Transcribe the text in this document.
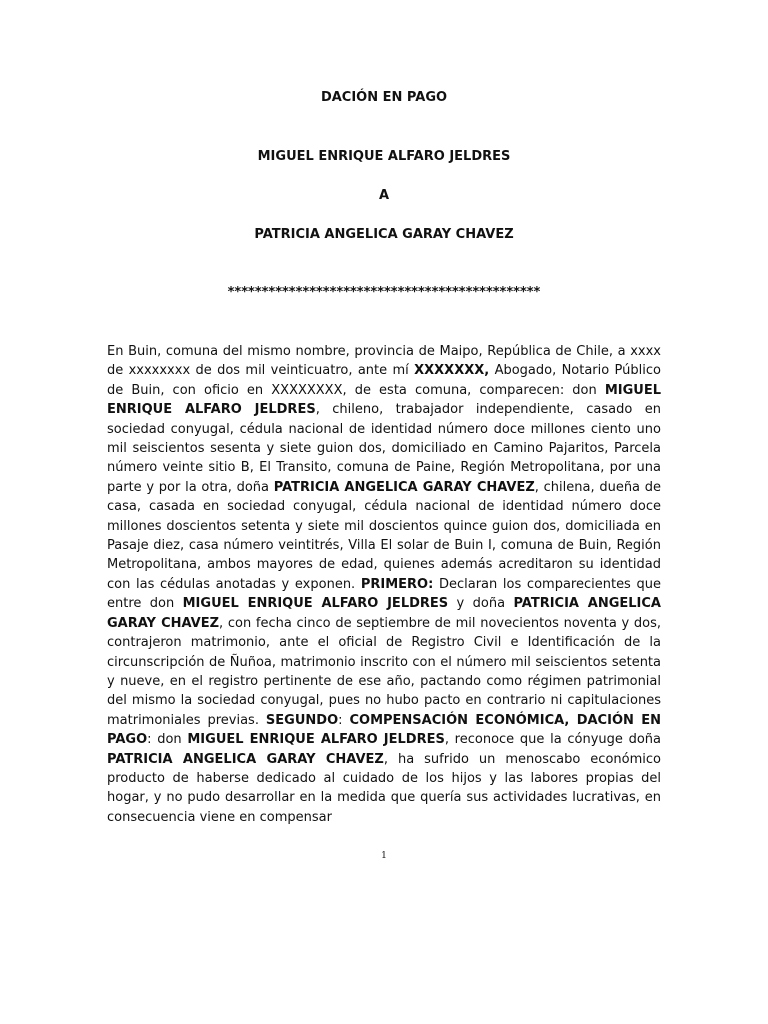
DACIÓN EN PAGO

MIGUEL ENRIQUE ALFARO JELDRES

A

PATRICIA ANGELICA GARAY CHAVEZ

**********************************************

En Buin, comuna del mismo nombre, provincia de Maipo, República de Chile, a xxxx de xxxxxxxx de dos mil veinticuatro, ante mí XXXXXXX, Abogado, Notario Público de Buin, con oficio en XXXXXXXX, de esta comuna, comparecen: don MIGUEL ENRIQUE ALFARO JELDRES, chileno, trabajador independiente, casado en sociedad conyugal, cédula nacional de identidad número doce millones ciento uno mil seiscientos sesenta y siete guion dos, domiciliado en Camino Pajaritos, Parcela número veinte sitio B, El Transito, comuna de Paine, Región Metropolitana, por una parte y por la otra, doña PATRICIA ANGELICA GARAY CHAVEZ, chilena, dueña de casa, casada en sociedad conyugal, cédula nacional de identidad número doce millones doscientos setenta y siete mil doscientos quince guion dos, domiciliada en Pasaje diez, casa número veintitrés, Villa El solar de Buin I, comuna de Buin, Región Metropolitana, ambos mayores de edad, quienes además acreditaron su identidad con las cédulas anotadas y exponen. PRIMERO: Declaran los comparecientes que entre don MIGUEL ENRIQUE ALFARO JELDRES y doña PATRICIA ANGELICA GARAY CHAVEZ, con fecha cinco de septiembre de mil novecientos noventa y dos, contrajeron matrimonio, ante el oficial de Registro Civil e Identificación de la circunscripción de Ñuñoa, matrimonio inscrito con el número mil seiscientos setenta y nueve, en el registro pertinente de ese año, pactando como régimen patrimonial del mismo la sociedad conyugal, pues no hubo pacto en contrario ni capitulaciones matrimoniales previas. SEGUNDO: COMPENSACIÓN ECONÓMICA, DACIÓN EN PAGO: don MIGUEL ENRIQUE ALFARO JELDRES, reconoce que la cónyuge doña PATRICIA ANGELICA GARAY CHAVEZ, ha sufrido un menoscabo económico producto de haberse dedicado al cuidado de los hijos y las labores propias del hogar, y no pudo desarrollar en la medida que quería sus actividades lucrativas, en consecuencia viene en compensar

1
